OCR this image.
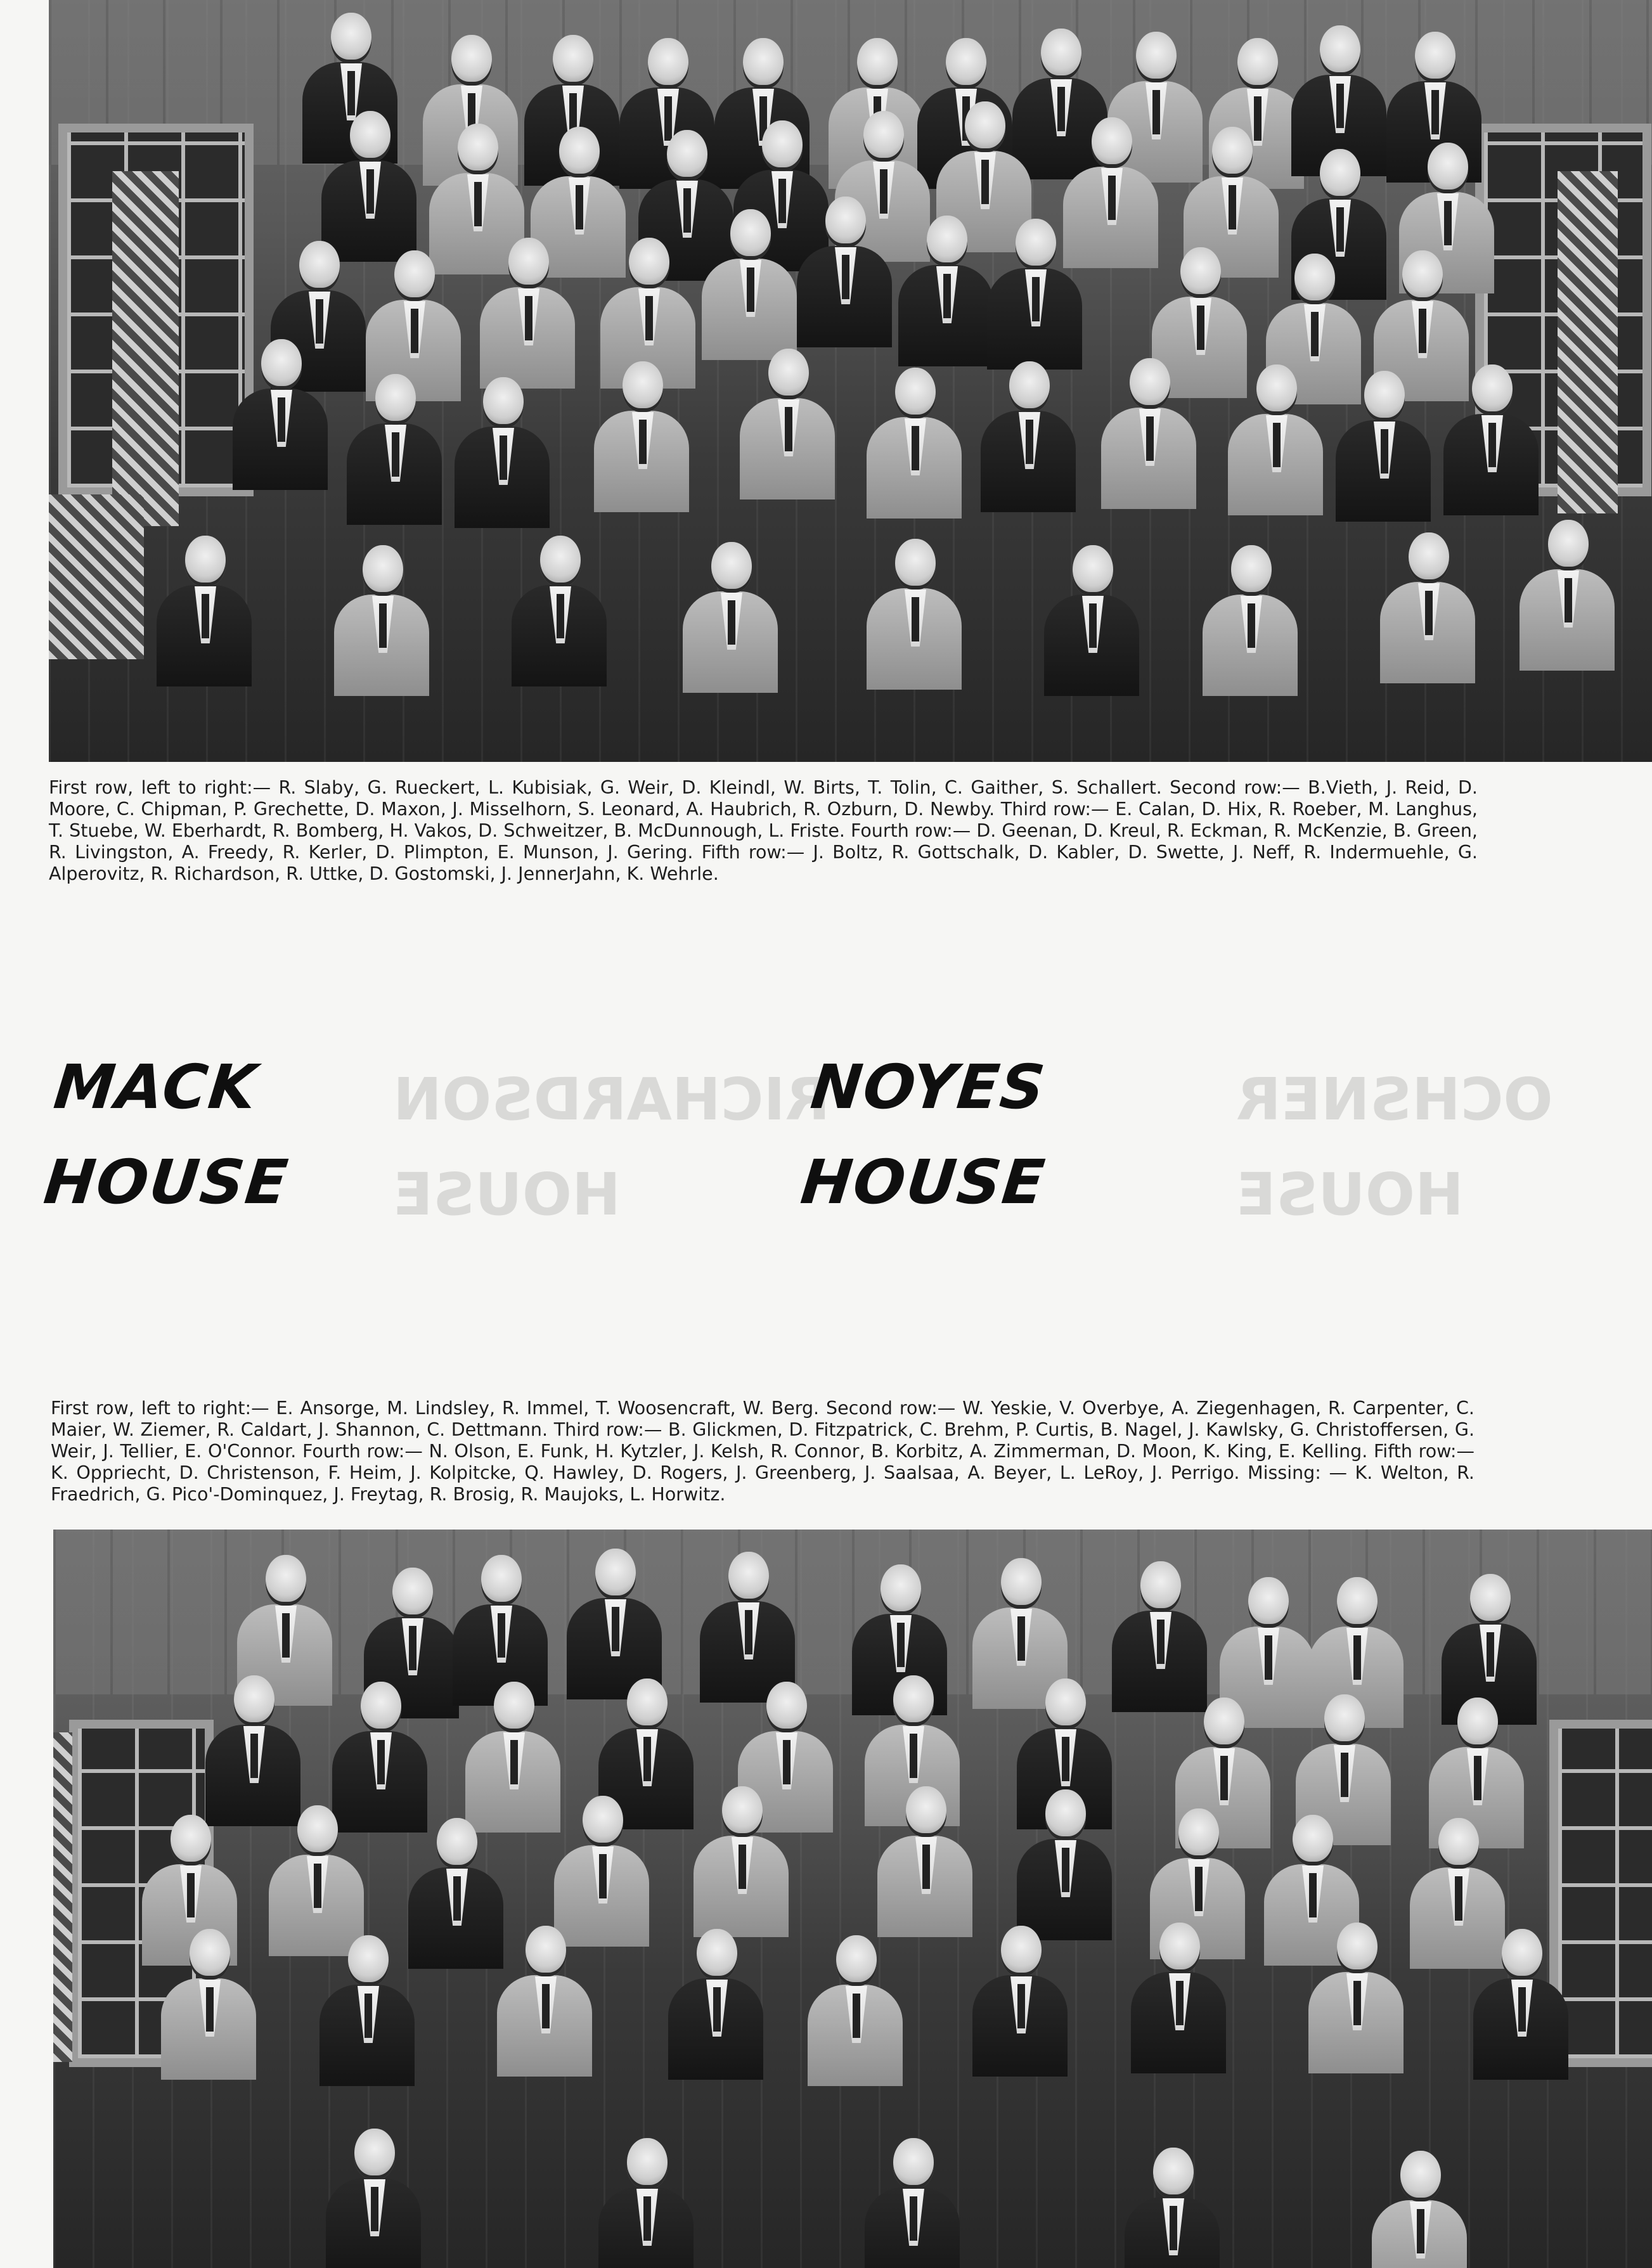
First row, left to right:— R. Slaby, G. Rueckert, L. Kubisiak, G. Weir, D. Kleindl, W. Birts, T. Tolin, C. Gaither, S. Schallert. Second row:— B.Vieth, J. Reid, D. Moore, C. Chipman, P. Grechette, D. Maxon, J. Misselhorn, S. Leonard, A. Haubrich, R. Ozburn, D. Newby. Third row:— E. Calan, D. Hix, R. Roeber, M. Langhus, T. Stuebe, W. Eberhardt, R. Bomberg, H. Vakos, D. Schweitzer, B. McDunnough, L. Friste. Fourth row:— D. Geenan, D. Kreul, R. Eckman, R. McKenzie, B. Green, R. Livingston, A. Freedy, R. Kerler, D. Plimpton, E. Munson, J. Gering. Fifth row:— J. Boltz, R. Gottschalk, D. Kabler, D. Swette, J. Neff, R. Indermuehle, G. Alperovitz, R. Richardson, R. Uttke, D. Gostomski, J. JennerJahn, K. Wehrle.

RICHARDSON
HOUSE
OCHSNER
HOUSE
MACK
HOUSE
NOYES
HOUSE

First row, left to right:— E. Ansorge, M. Lindsley, R. Immel, T. Woosencraft, W. Berg. Second row:— W. Yeskie, V. Overbye, A. Ziegenhagen, R. Carpenter, C. Maier, W. Ziemer, R. Caldart, J. Shannon, C. Dettmann. Third row:— B. Glickmen, D. Fitzpatrick, C. Brehm, P. Curtis, B. Nagel, J. Kawlsky, G. Christoffersen, G. Weir, J. Tellier, E. O'Connor. Fourth row:— N. Olson, E. Funk, H. Kytzler, J. Kelsh, R. Connor, B. Korbitz, A. Zimmerman, D. Moon, K. King, E. Kelling. Fifth row:— K. Oppriecht, D. Christenson, F. Heim, J. Kolpitcke, Q. Hawley, D. Rogers, J. Greenberg, J. Saalsaa, A. Beyer, L. LeRoy, J. Perrigo. Missing: — K. Welton, R. Fraedrich, G. Pico'-Dominquez, J. Freytag, R. Brosig, R. Maujoks, L. Horwitz.
